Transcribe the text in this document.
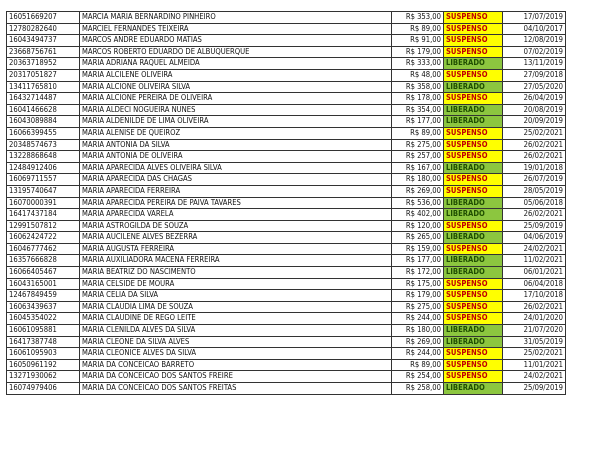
16051669207	MARCIA MARIA BERNARDINO PINHEIRO	R$ 353,00	SUSPENSO	17/07/2019
12780282640	MARCIEL FERNANDES TEIXEIRA	R$ 89,00	SUSPENSO	04/10/2017
16043494737	MARCOS ANDRE EDUARDO MATIAS	R$ 91,00	SUSPENSO	12/08/2019
23668756761	MARCOS ROBERTO EDUARDO DE ALBUQUERQUE	R$ 179,00	SUSPENSO	07/02/2019
20363718952	MARIA ADRIANA RAQUEL ALMEIDA	R$ 333,00	LIBERADO	13/11/2019
20317051827	MARIA ALCILENE OLIVEIRA	R$ 48,00	SUSPENSO	27/09/2018
13411765810	MARIA ALCIONE OLIVEIRA SILVA	R$ 358,00	LIBERADO	27/05/2020
16432714487	MARIA ALCIONE PEREIRA DE OLIVEIRA	R$ 178,00	SUSPENSO	26/04/2019
16041466628	MARIA ALDECI NOGUEIRA NUNES	R$ 354,00	LIBERADO	20/08/2019
16043089884	MARIA ALDENILDE DE LIMA OLIVEIRA	R$ 177,00	LIBERADO	20/09/2019
16066399455	MARIA ALENISE DE QUEIROZ	R$ 89,00	SUSPENSO	25/02/2021
20348574673	MARIA ANTONIA DA SILVA	R$ 275,00	SUSPENSO	26/02/2021
13228868648	MARIA ANTONIA DE OLIVEIRA	R$ 257,00	SUSPENSO	26/02/2021
12484912406	MARIA APARECIDA ALVES OLIVEIRA SILVA	R$ 167,00	LIBERADO	19/01/2018
16069711557	MARIA APARECIDA DAS CHAGAS	R$ 180,00	SUSPENSO	26/07/2019
13195740647	MARIA APARECIDA FERREIRA	R$ 269,00	SUSPENSO	28/05/2019
16070000391	MARIA APARECIDA PEREIRA DE PAIVA TAVARES	R$ 536,00	LIBERADO	05/06/2018
16417437184	MARIA APARECIDA VARELA	R$ 402,00	LIBERADO	26/02/2021
12991507812	MARIA ASTROGILDA DE SOUZA	R$ 120,00	SUSPENSO	25/09/2019
16062424722	MARIA AUCILENE ALVES BEZERRA	R$ 265,00	LIBERADO	04/06/2019
16046777462	MARIA AUGUSTA FERREIRA	R$ 159,00	SUSPENSO	24/02/2021
16357666828	MARIA AUXILIADORA MACENA FERREIRA	R$ 177,00	LIBERADO	11/02/2021
16066405467	MARIA BEATRIZ DO NASCIMENTO	R$ 172,00	LIBERADO	06/01/2021
16043165001	MARIA CELSIDE DE MOURA	R$ 175,00	SUSPENSO	06/04/2018
12467849459	MARIA CELIA DA SILVA	R$ 179,00	SUSPENSO	17/10/2018
16063439637	MARIA CLAUDIA LIMA DE SOUZA	R$ 275,00	SUSPENSO	26/02/2021
16045354022	MARIA CLAUDINE DE REGO LEITE	R$ 244,00	SUSPENSO	24/01/2020
16061095881	MARIA CLENILDA ALVES DA SILVA	R$ 180,00	LIBERADO	21/07/2020
16417387748	MARIA CLEONE DA SILVA ALVES	R$ 269,00	LIBERADO	31/05/2019
16061095903	MARIA CLEONICE ALVES DA SILVA	R$ 244,00	SUSPENSO	25/02/2021
16050961192	MARIA DA CONCEICAO BARRETO	R$ 89,00	SUSPENSO	11/01/2021
13271930062	MARIA DA CONCEICAO DOS SANTOS FREIRE	R$ 254,00	SUSPENSO	24/02/2021
16074979406	MARIA DA CONCEICAO DOS SANTOS FREITAS	R$ 258,00	LIBERADO	25/09/2019
